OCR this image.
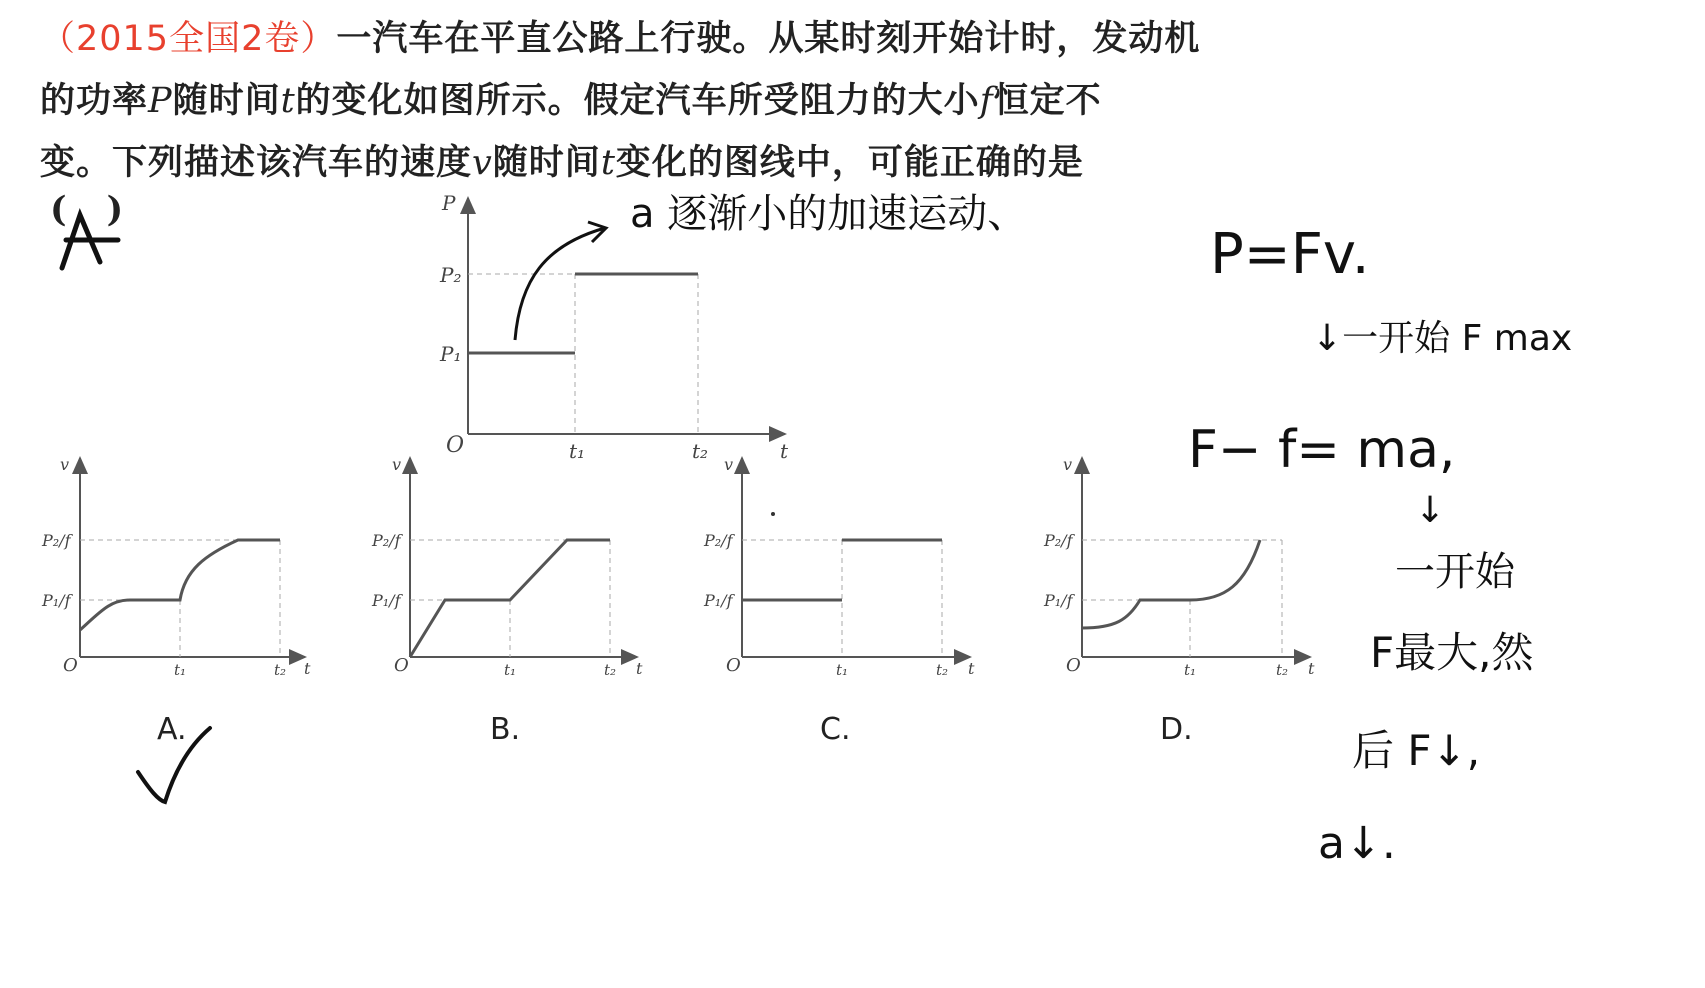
（2015全国2卷）一汽车在平直公路上行驶。从某时刻开始计时，发动机
的功率P随时间t的变化如图所示。假定汽车所受阻力的大小f恒定不
变。下列描述该汽车的速度v随时间t变化的图线中，可能正确的是
( )	P
t
O
P₂
P₁
t₁	t₂
v
t
O
P₂/f
P₁/f
t₁	t₂
v
t
O
P₂/f
P₁/f
t₁	t₂
v
t
O
P₂/f
P₁/f
t₁	t₂
v
t
O
P₂/f
P₁/f
t₁	t₂
A.	B.	C.	D.
a 逐渐小的加速运动、
P=Fv.
↓一开始 F max
F− f= ma,
↓
一开始
F最大,然
后 F↓,
a↓.
